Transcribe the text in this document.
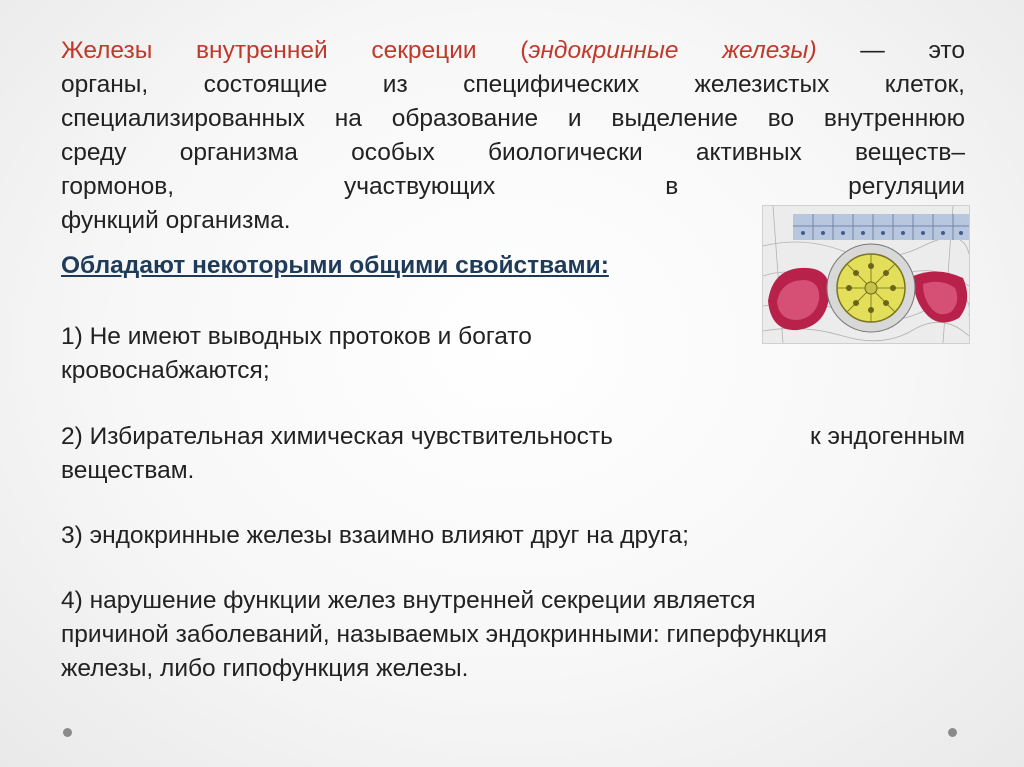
Железы внутренней секреции (эндокринные железы) — это

органы, состоящие из специфических железистых клеток,

специализированных на образование и выделение во внутреннюю

среду организма особых биологически активных веществ–

гормонов, участвующих в регуляции

функций организма.

Обладают некоторыми общими свойствами:
1) Не имеют выводных протоков и богато
кровоснабжаются;
2) Избирательная химическая чувствительность	к эндогенным
веществам.
3) эндокринные железы взаимно влияют друг на друга;
4) нарушение функции желез внутренней секреции является
причиной заболеваний, называемых эндокринными: гиперфункция
железы, либо гипофункция железы.
